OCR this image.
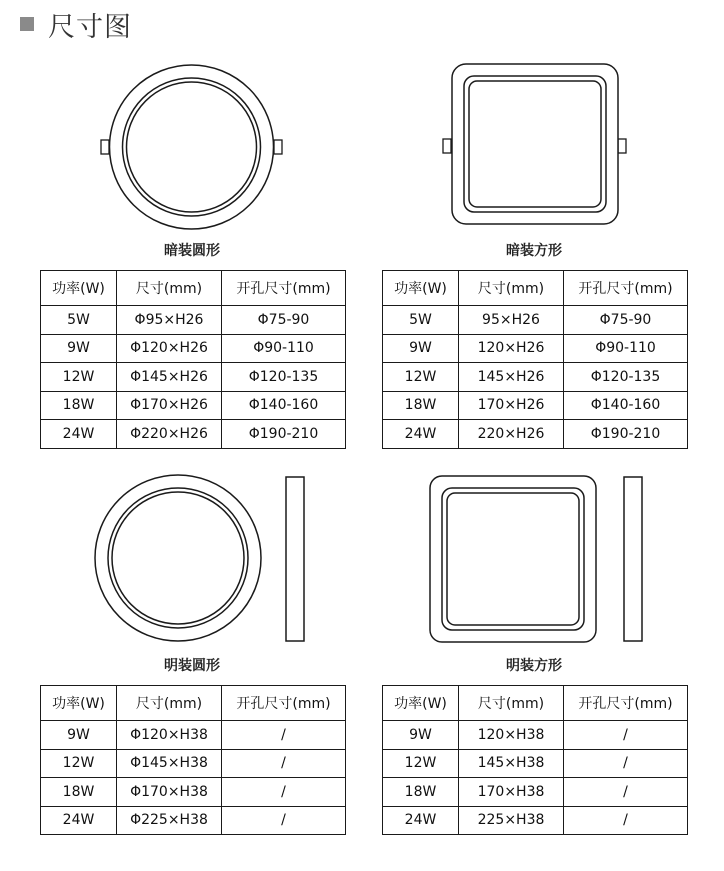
尺寸图
暗装圆形	暗装方形
功率(W)	尺寸(mm)	开孔尺寸(mm)
5W	Φ95×H26	Φ75-90
9W	Φ120×H26	Φ90-110
12W	Φ145×H26	Φ120-135
18W	Φ170×H26	Φ140-160
24W	Φ220×H26	Φ190-210
功率(W)	尺寸(mm)	开孔尺寸(mm)
5W	95×H26	Φ75-90
9W	120×H26	Φ90-110
12W	145×H26	Φ120-135
18W	170×H26	Φ140-160
24W	220×H26	Φ190-210
明装圆形	明装方形
功率(W)	尺寸(mm)	开孔尺寸(mm)
9W	Φ120×H38	/
12W	Φ145×H38	/
18W	Φ170×H38	/
24W	Φ225×H38	/
功率(W)	尺寸(mm)	开孔尺寸(mm)
9W	120×H38	/
12W	145×H38	/
18W	170×H38	/
24W	225×H38	/
